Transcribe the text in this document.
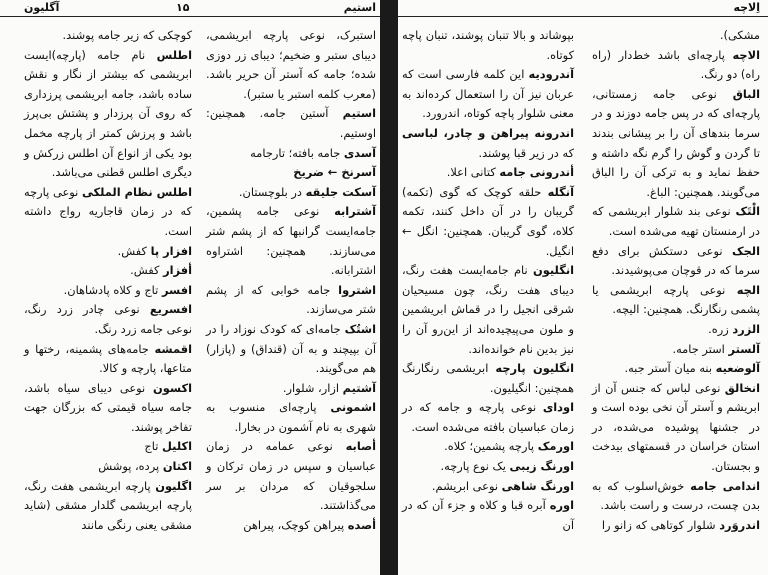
استیم
۱۵
آگلیون

استبرک، نوعی پارچه ابریشمی، دیبای ستبر و ضخیم؛ دیبای زر دوزی شده؛ جامه که آستر آن حریر باشد. (معرب کلمه استبر یا ستبر).

استیم آستین جامه. همچنین: اوستیم.

آسدی جامه بافته؛ تارجامه

آسرنخ ← ضریخ

آسکت جلیقه در بلوچستان.

آشترابه نوعی جامه پشمین، جامه‌ایست گرانبها که از پشم شتر می‌سازند. همچنین: اشتراوه اشترابانه.

اشتروا جامه خوابی که از پشم شتر می‌سازند.

اشتُک جامه‌ای که کودک نوزاد را در آن بپیچند و به آن (قنداق) و (پازار) هم می‌گویند.

آشتیم ازار، شلوار.

اشمونی پارچه‌ای منسوب به شهری به نام آشمون در بخارا.

أصابه نوعی عمامه در زمان عباسیان و سپس در زمان ترکان و سلجوقیان که مردان بر سر می‌گذاشتند.

أصده پیراهن کوچک، پیراهن

کوچکی که زیر جامه پوشند.

اطلس نام جامه (پارچه)ایست ابریشمی که بیشتر از نگار و نقش ساده باشد، جامه ابریشمی پرزداری که روی آن پرزدار و پشتش بی‌پرز باشد و پرزش کمتر از پارچه مخمل بود یکی از انواع آن اطلس زرکش و دیگری اطلس قطنی می‌باشد.

اطلس نظام الملکی نوعی پارچه که در زمان قاجاریه رواج داشته است.

افزار پا کفش.

أفزار کفش.

افسر تاج و کلاه پادشاهان.

افسریع نوعی چادر زرد رنگ، نوعی جامه زرد رنگ.

اقمشه جامه‌های پشمینه، رختها و متاعها، پارچه و کالا.

اکسون نوعی دیبای سیاه باشد، جامه سیاه قیمتی که بزرگان جهت تفاخر پوشند.

اکلیل تاج

اکتان پرده، پوشش

اگلیون پارچه ابریشمی هفت رنگ، پارچه ابریشمی گلدار مشقی (شاید مشقی یعنی رنگی مانند

اِلاچه

مشکی).

الاچه پارچه‌ای باشد خط‌دار (راه راه) دو رنگ.

الباق نوعی جامه زمستانی، پارچه‌ای که در پس جامه دوزند و در سرما بندهای آن را بر پیشانی بندند تا گردن و گوش را گرم نگه داشته و حفظ نماید و به ترکی آن را الباق می‌گویند. همچنین: الباغ.

الْتَک نوعی بند شلوار ابریشمی که در ارمنستان تهیه می‌شده است.

الجک نوعی دستکش برای دفع سرما که در قوچان می‌پوشیدند.

الچه نوعی پارچه ابریشمی یا پشمی رنگارنگ. همچنین: الیچه.

الزرد زره.

آلستر استر جامه.

آلوضعیه بنه میان آستر جبه.

انخالق نوعی لباس که جنس آن از ابریشم و آستر آن نخی بوده است و در جشنها پوشیده می‌شده، در استان خراسان در قسمتهای بیدخت و بجستان.

اندامی جامه خوش‌اسلوب که به بدن چست، درست و راست باشد.

اندروَرد شلوار کوتاهی که زانو را

بپوشاند و بالا تنبان پوشند، تنبان پاچه کوتاه.

آندرودیه این کلمه فارسی است که عربان نیز آن را استعمال کرده‌اند به معنی شلوار پاچه کوتاه، اندرورد.

اندرونه پیراهن و چادر، لباسی که در زیر قبا پوشند.

أندرونی جامه کتانی اعلا.

آنگله حلقه کوچک که گوی (تکمه) گریبان را در آن داخل کنند، تکمه کلاه، گوی گریبان. همچنین: انگل ← انگیل.

انگلیون نام جامه‌ایست هفت رنگ، دیبای هفت رنگ، چون مسیحیان شرقی انجیل را در قماش ابریشمین و ملون می‌پیچیده‌اند از این‌رو آن را نیز بدین نام خوانده‌اند.

انگلیون پارچه ابریشمی رنگارنگ همچنین: انگیلیون.

اودای نوعی پارچه و جامه که در زمان عباسیان بافته می‌شده است.

اورمک پارچه پشمین؛ کلاه.

اورنگ زیبی یک نوع پارچه.

اورنگ شاهی نوعی ابریشم.

اوره آبره قبا و کلاه و جزء آن که در آن
